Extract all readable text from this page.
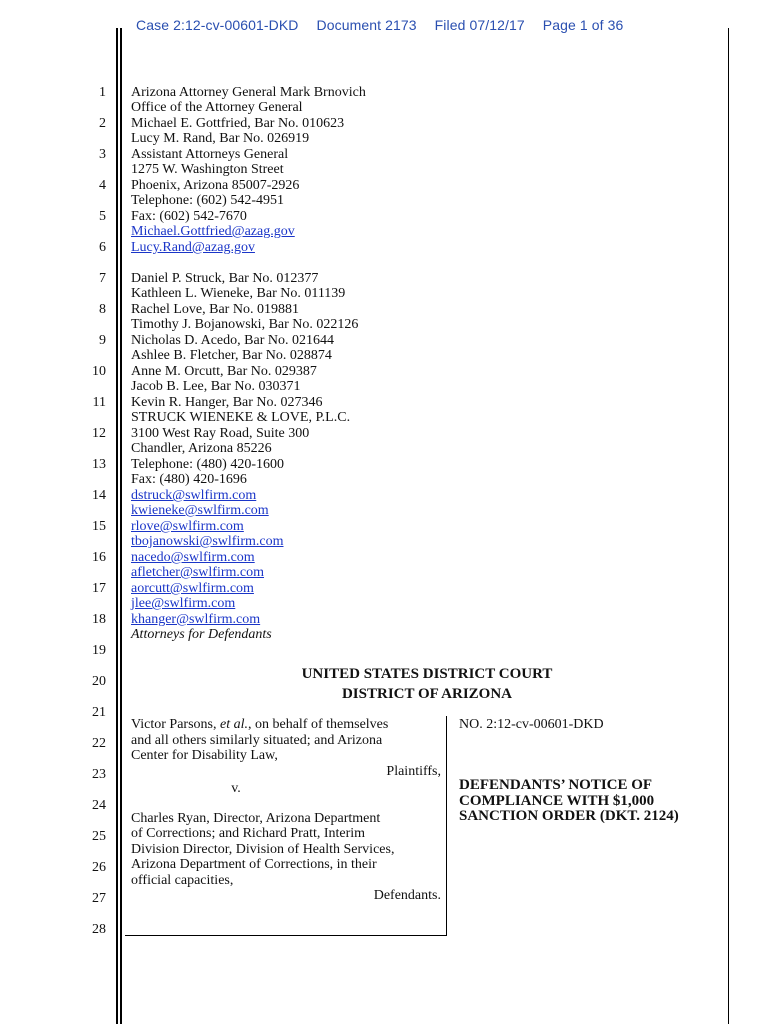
Case 2:12-cv-00601-DKD Document 2173 Filed 07/12/17 Page 1 of 36
1
2
3
4
5
6
7
8
9
10
11
12
13
14
15
16
17
18
19
20
21
22
23
24
25
26
27
28
Arizona Attorney General Mark Brnovich
Office of the Attorney General
Michael E. Gottfried, Bar No. 010623
Lucy M. Rand, Bar No. 026919
Assistant Attorneys General
1275 W. Washington Street
Phoenix, Arizona 85007-2926
Telephone: (602) 542-4951
Fax: (602) 542-7670
Michael.Gottfried@azag.gov
Lucy.Rand@azag.gov
Daniel P. Struck, Bar No. 012377
Kathleen L. Wieneke, Bar No. 011139
Rachel Love, Bar No. 019881
Timothy J. Bojanowski, Bar No. 022126
Nicholas D. Acedo, Bar No. 021644
Ashlee B. Fletcher, Bar No. 028874
Anne M. Orcutt, Bar No. 029387
Jacob B. Lee, Bar No. 030371
Kevin R. Hanger, Bar No. 027346
STRUCK WIENEKE & LOVE, P.L.C.
3100 West Ray Road, Suite 300
Chandler, Arizona 85226
Telephone: (480) 420-1600
Fax: (480) 420-1696
dstruck@swlfirm.com
kwieneke@swlfirm.com
rlove@swlfirm.com
tbojanowski@swlfirm.com
nacedo@swlfirm.com
afletcher@swlfirm.com
aorcutt@swlfirm.com
jlee@swlfirm.com
khanger@swlfirm.com
Attorneys for Defendants
UNITED STATES DISTRICT COURT
DISTRICT OF ARIZONA
Victor Parsons, et al., on behalf of themselves
and all others similarly situated; and Arizona
Center for Disability Law,
Plaintiffs,
v.
Charles Ryan, Director, Arizona Department
of Corrections; and Richard Pratt, Interim
Division Director, Division of Health Services,
Arizona Department of Corrections, in their
official capacities,
Defendants.
NO. 2:12-cv-00601-DKD
DEFENDANTS’ NOTICE OF
COMPLIANCE WITH $1,000
SANCTION ORDER (DKT. 2124)
